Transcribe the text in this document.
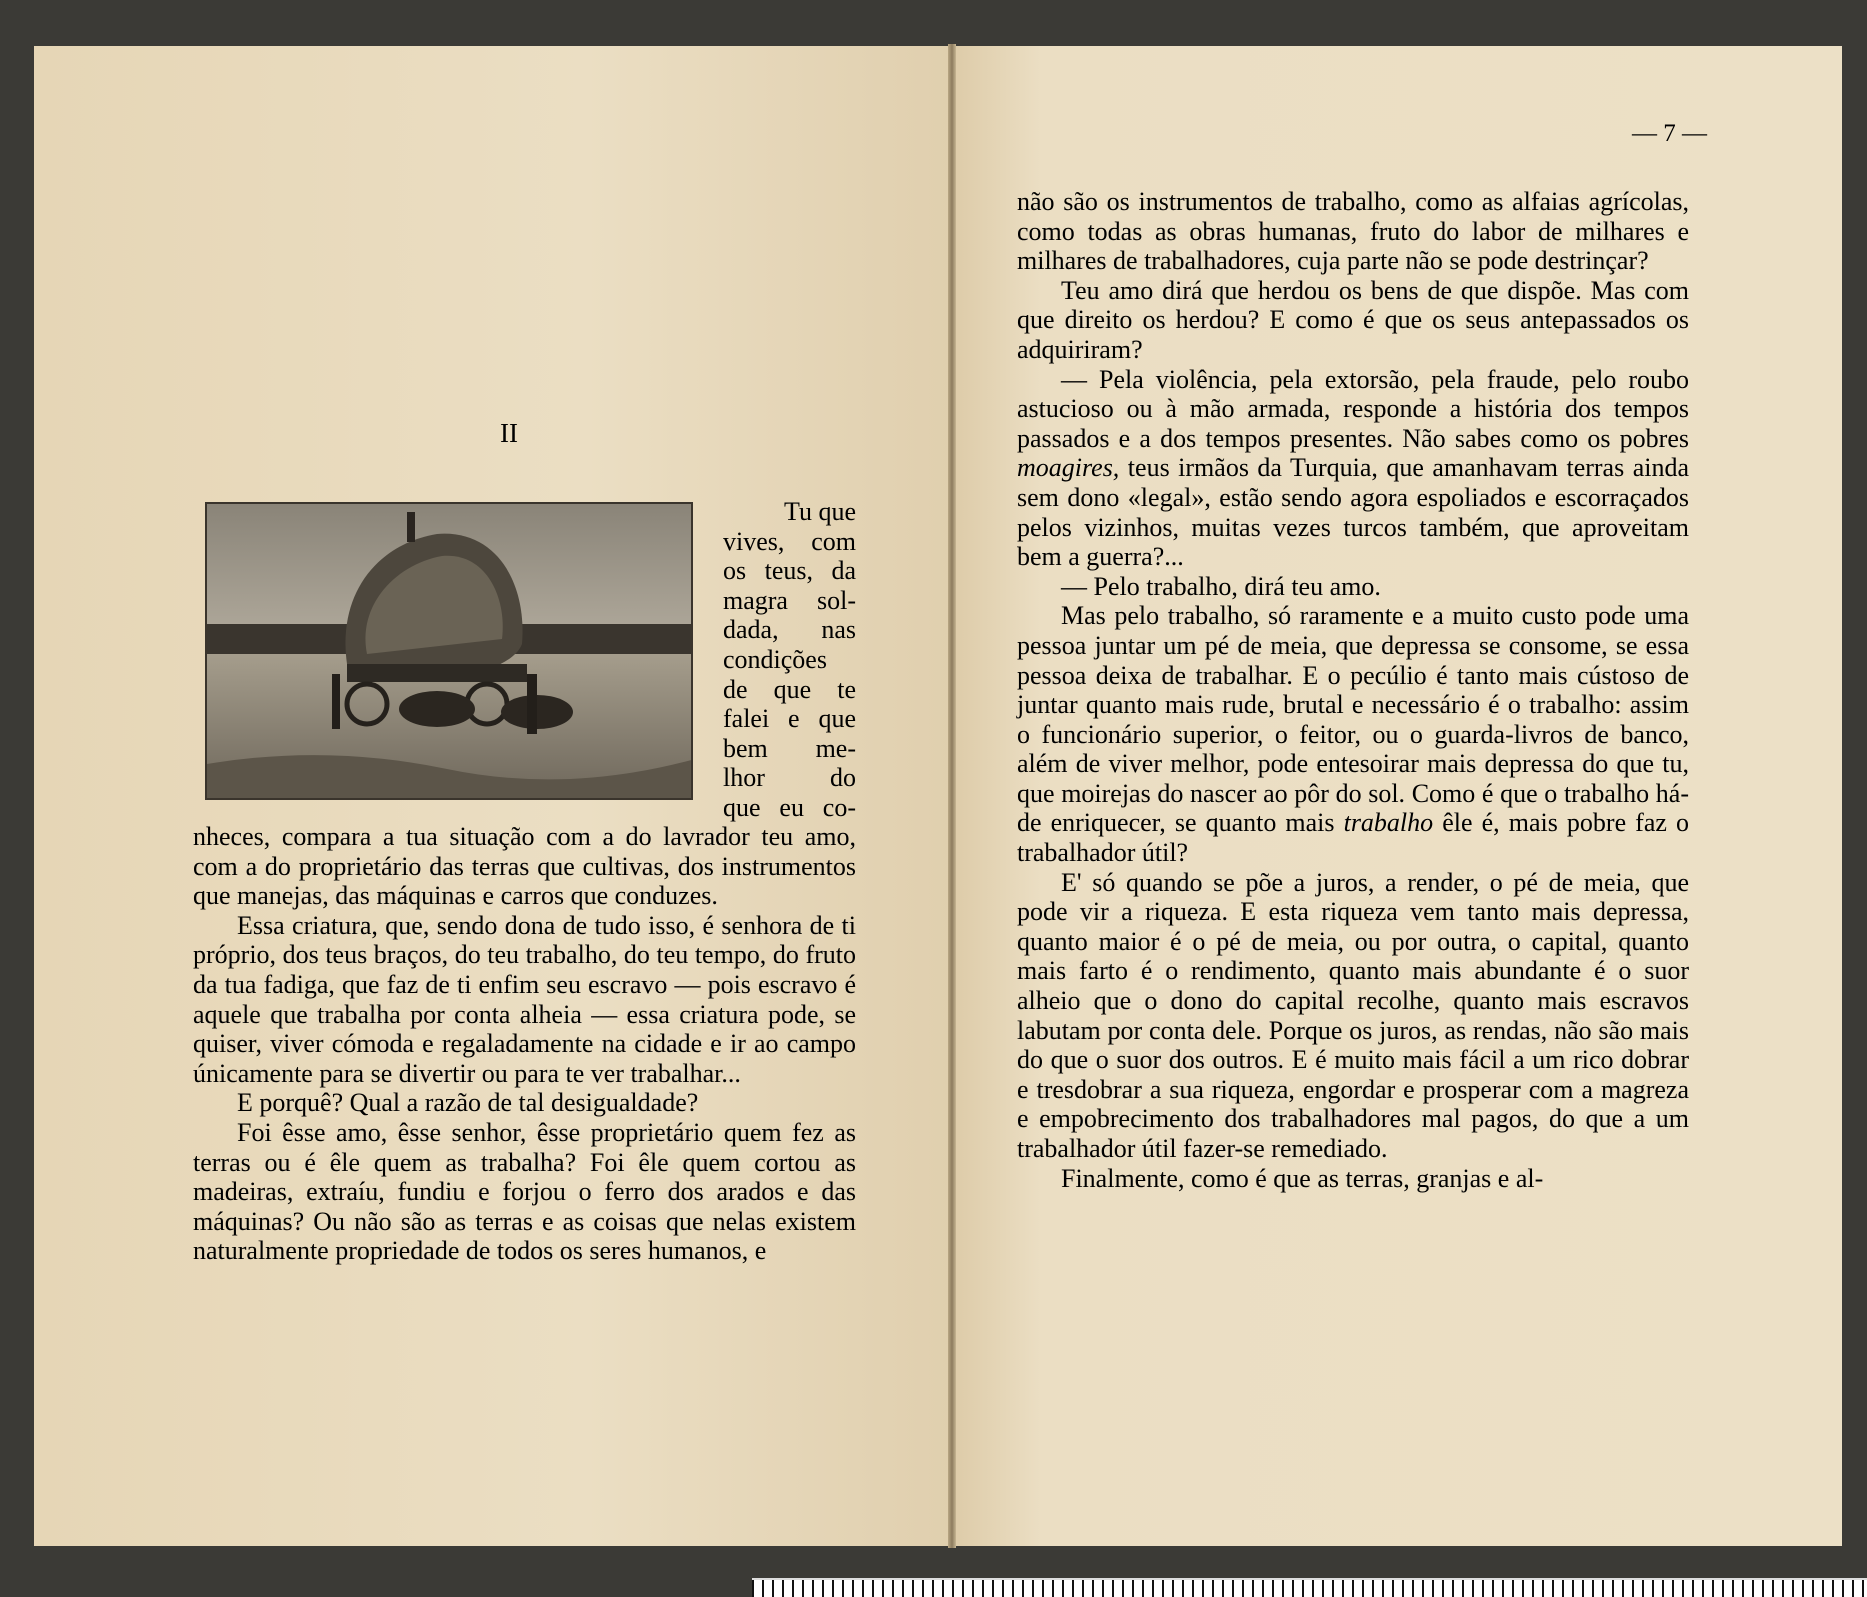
II
Tu que
vives, com
os teus, da
magra sol-
dada, nas
condições
de que te
falei e que
bem me-
lhor do
que eu co-

nheces, compara a tua situação com a do lavrador teu amo, com a do proprietário das terras que cultivas, dos instrumentos que manejas, das máquinas e carros que conduzes.

Essa criatura, que, sendo dona de tudo isso, é senhora de ti próprio, dos teus braços, do teu trabalho, do teu tempo, do fruto da tua fadiga, que faz de ti enfim seu escravo — pois escravo é aquele que trabalha por conta alheia — essa criatura pode, se quiser, viver cómoda e regaladamente na cidade e ir ao campo únicamente para se divertir ou para te ver trabalhar...

E porquê? Qual a razão de tal desigualdade?

Foi êsse amo, êsse senhor, êsse proprietário quem fez as terras ou é êle quem as trabalha? Foi êle quem cortou as madeiras, extraíu, fundiu e forjou o ferro dos arados e das máquinas? Ou não são as terras e as coisas que nelas existem naturalmente propriedade de todos os seres humanos, e

— 7 —

não são os instrumentos de trabalho, como as alfaias agrícolas, como todas as obras humanas, fruto do labor de milhares e milhares de trabalhadores, cuja parte não se pode destrinçar?

Teu amo dirá que herdou os bens de que dispõe. Mas com que direito os herdou? E como é que os seus antepassados os adquiriram?

— Pela violência, pela extorsão, pela fraude, pelo roubo astucioso ou à mão armada, responde a história dos tempos passados e a dos tempos presentes. Não sabes como os pobres moagires, teus irmãos da Turquia, que amanhavam terras ainda sem dono «legal», estão sendo agora espoliados e escorraçados pelos vizinhos, muitas vezes turcos também, que aproveitam bem a guerra?...

— Pelo trabalho, dirá teu amo.

Mas pelo trabalho, só raramente e a muito custo pode uma pessoa juntar um pé de meia, que depressa se consome, se essa pessoa deixa de trabalhar. E o pecúlio é tanto mais cústoso de juntar quanto mais rude, brutal e necessário é o trabalho: assim o funcionário superior, o feitor, ou o guarda-livros de banco, além de viver melhor, pode entesoirar mais depressa do que tu, que moirejas do nascer ao pôr do sol. Como é que o trabalho há-de enriquecer, se quanto mais trabalho êle é, mais pobre faz o trabalhador útil?

E' só quando se põe a juros, a render, o pé de meia, que pode vir a riqueza. E esta riqueza vem tanto mais depressa, quanto maior é o pé de meia, ou por outra, o capital, quanto mais farto é o rendimento, quanto mais abundante é o suor alheio que o dono do capital recolhe, quanto mais escravos labutam por conta dele. Porque os juros, as rendas, não são mais do que o suor dos outros. E é muito mais fácil a um rico dobrar e tresdobrar a sua riqueza, engordar e prosperar com a magreza e empobrecimento dos trabalhadores mal pagos, do que a um trabalhador útil fazer-se remediado.

Finalmente, como é que as terras, granjas e al-
